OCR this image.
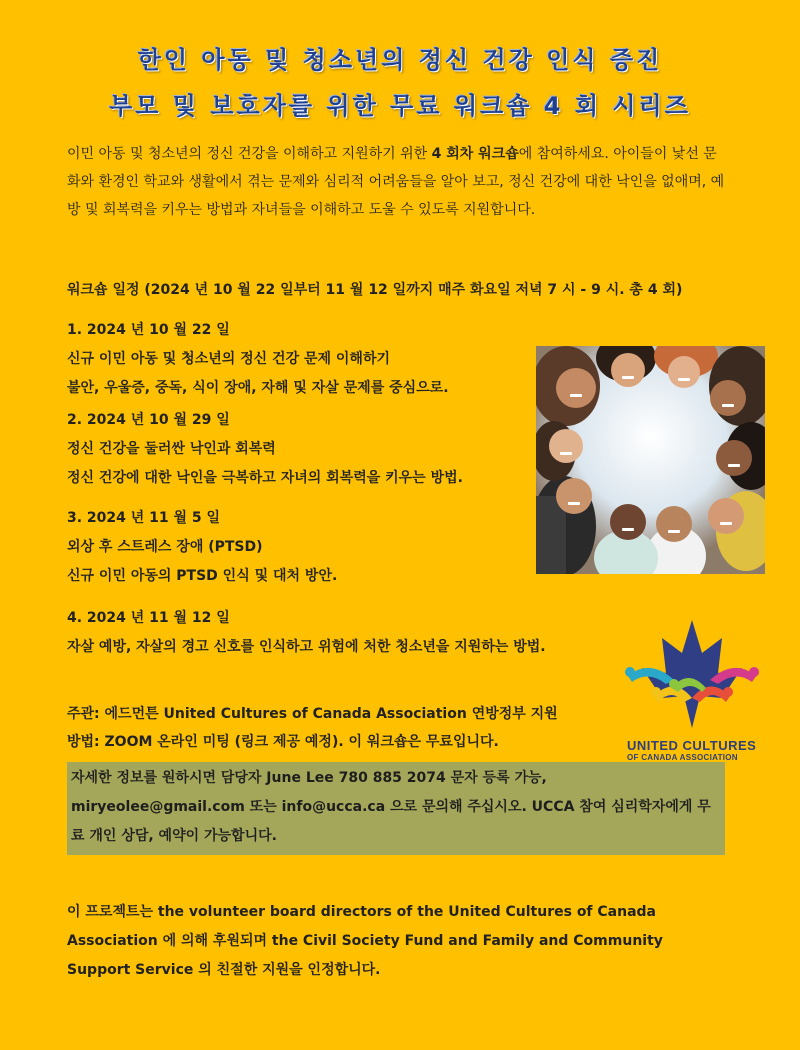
한인 아동 및 청소년의 정신 건강 인식 증진
부모 및 보호자를 위한 무료 워크숍 4 회 시리즈
이민 아동 및 청소년의 정신 건강을 이해하고 지원하기 위한 4 회차 워크숍에 참여하세요. 아이들이 낯선 문화와 환경인 학교와 생활에서 겪는 문제와 심리적 어려움들을 알아 보고, 정신 건강에 대한 낙인을 없애며, 예방 및 회복력을 키우는 방법과 자녀들을 이해하고 도울 수 있도록 지원합니다.
워크숍 일정 (2024 년 10 월 22 일부터 11 월 12 일까지 매주 화요일 저녁 7 시 - 9 시. 총 4 회)
1. 2024 년 10 월 22 일
신규 이민 아동 및 청소년의 정신 건강 문제 이해하기
불안, 우울증, 중독, 식이 장애, 자해 및 자살 문제를 중심으로.
2. 2024 년 10 월 29 일
정신 건강을 둘러싼 낙인과 회복력
정신 건강에 대한 낙인을 극복하고 자녀의 회복력을 키우는 방법.
3. 2024 년 11 월 5 일
외상 후 스트레스 장애 (PTSD)
신규 이민 아동의 PTSD 인식 및 대처 방안.
4. 2024 년 11 월 12 일
자살 예방, 자살의 경고 신호를 인식하고 위험에 처한 청소년을 지원하는 방법.
UNITED CULTURES
OF CANADA ASSOCIATION
주관: 에드먼튼 United Cultures of Canada Association 연방정부 지원
방법: ZOOM 온라인 미팅 (링크 제공 예정). 이 워크숍은 무료입니다.
자세한 정보를 원하시면 담당자 June Lee 780 885 2074 문자 등록 가능, miryeolee@gmail.com 또는 info@ucca.ca 으로 문의해 주십시오. UCCA 참여 심리학자에게 무료 개인 상담, 예약이 가능합니다.
이 프로젝트는 the volunteer board directors of the United Cultures of Canada Association 에 의해 후원되며 the Civil Society Fund and Family and Community Support Service 의 친절한 지원을 인정합니다.
